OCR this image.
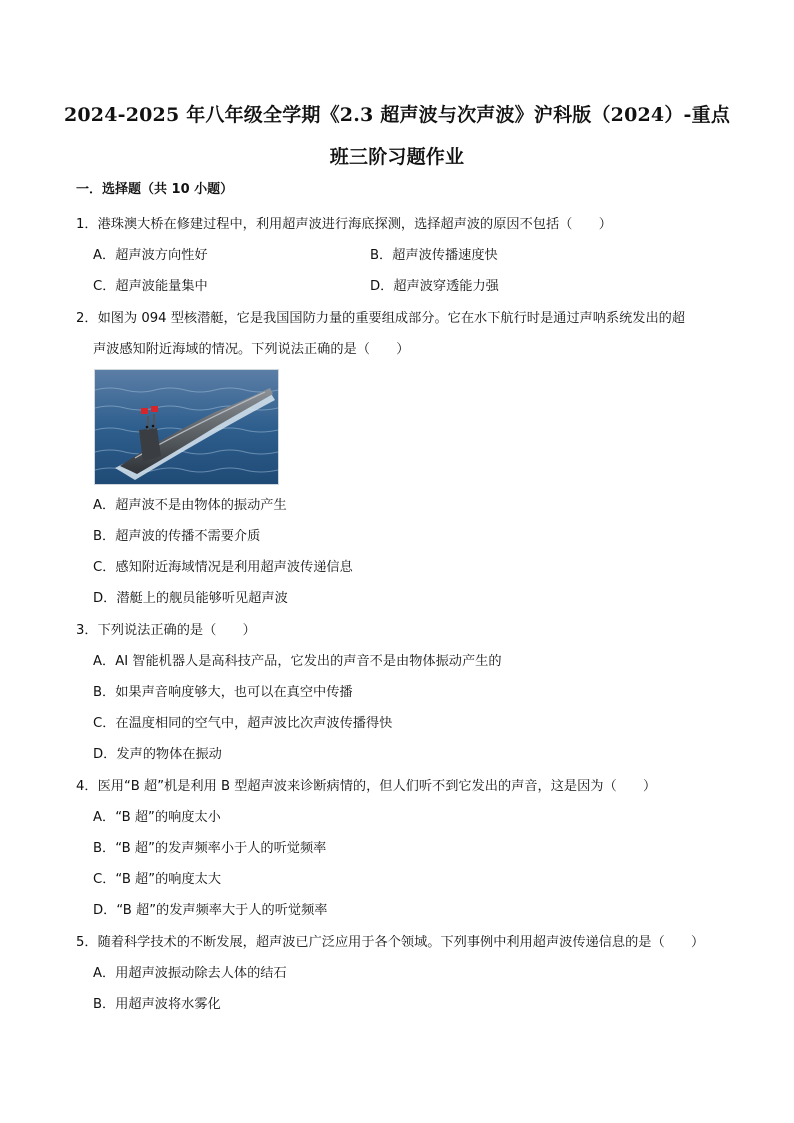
2024-2025 年八年级全学期《2.3 超声波与次声波》沪科版（2024）-重点
班三阶习题作业
一．选择题（共 10 小题）
1．港珠澳大桥在修建过程中，利用超声波进行海底探测，选择超声波的原因不包括（　　）
A．超声波方向性好	B．超声波传播速度快
C．超声波能量集中	D．超声波穿透能力强
2．如图为 094 型核潜艇，它是我国国防力量的重要组成部分。它在水下航行时是通过声呐系统发出的超
声波感知附近海域的情况。下列说法正确的是（　　）
A．超声波不是由物体的振动产生
B．超声波的传播不需要介质
C．感知附近海域情况是利用超声波传递信息
D．潜艇上的舰员能够听见超声波
3．下列说法正确的是（　　）
A．AI 智能机器人是高科技产品，它发出的声音不是由物体振动产生的
B．如果声音响度够大，也可以在真空中传播
C．在温度相同的空气中，超声波比次声波传播得快
D．发声的物体在振动
4．医用“B 超”机是利用 B 型超声波来诊断病情的，但人们听不到它发出的声音，这是因为（　　）
A．“B 超”的响度太小
B．“B 超”的发声频率小于人的听觉频率
C．“B 超”的响度太大
D．“B 超”的发声频率大于人的听觉频率
5．随着科学技术的不断发展，超声波已广泛应用于各个领域。下列事例中利用超声波传递信息的是（　　）
A．用超声波振动除去人体的结石
B．用超声波将水雾化
